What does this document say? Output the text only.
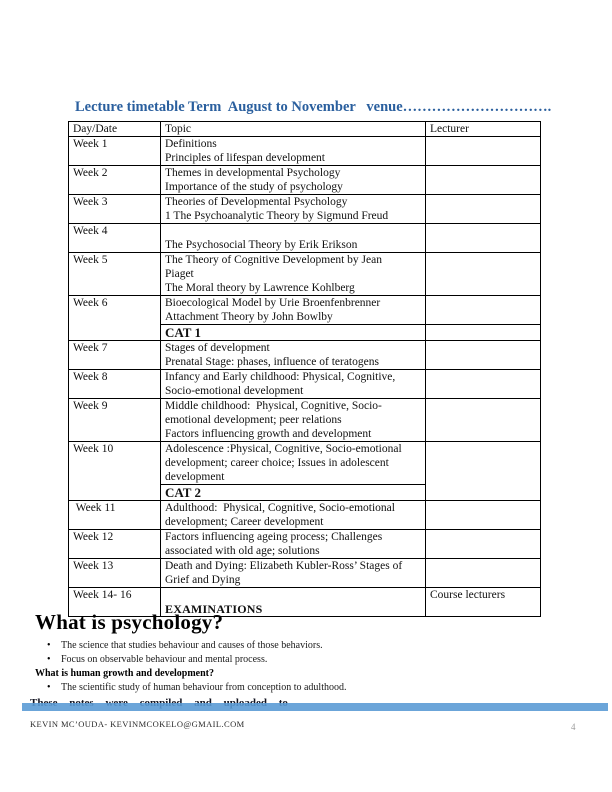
Lecture timetable Term  August to November   venue………………………….
Day/Date	Topic	Lecturer
Week 1	Definitions
Principles of lifespan development	

Week 2	Themes in developmental Psychology
Importance of the study of psychology	

Week 3	Theories of Developmental Psychology
1 The Psychoanalytic Theory by Sigmund Freud	

Week 4	The Psychosocial Theory by Erik Erikson	

Week 5	The Theory of Cognitive Development by Jean
Piaget
The Moral theory by Lawrence Kohlberg	

Week 6	Bioecological Model by Urie Broenfenbrenner
Attachment Theory by John Bowlby	

	CAT 1	

Week 7	Stages of development
Prenatal Stage: phases, influence of teratogens	

Week 8	Infancy and Early childhood: Physical, Cognitive,
Socio-emotional development	

Week 9	Middle childhood:  Physical, Cognitive, Socio-
emotional development; peer relations
Factors influencing growth and development	

Week 10	Adolescence :Physical, Cognitive, Socio-emotional
development; career choice; Issues in adolescent
development	

	CAT 2	

Week 11	Adulthood:  Physical, Cognitive, Socio-emotional
development; Career development	

Week 12	Factors influencing ageing process; Challenges
associated with old age; solutions	

Week 13	Death and Dying: Elizabeth Kubler-Ross’ Stages of
Grief and Dying	

Week 14- 16	EXAMINATIONS	Course lecturers
What is psychology?
•	The science that studies behaviour and causes of those behaviors.
•	Focus on observable behaviour and mental process.
What is human growth and development?
•	The scientific study of human behaviour from conception to adulthood.
KEVIN MC’OUDA- KEVINMCOKELO@GMAIL.COM	4
